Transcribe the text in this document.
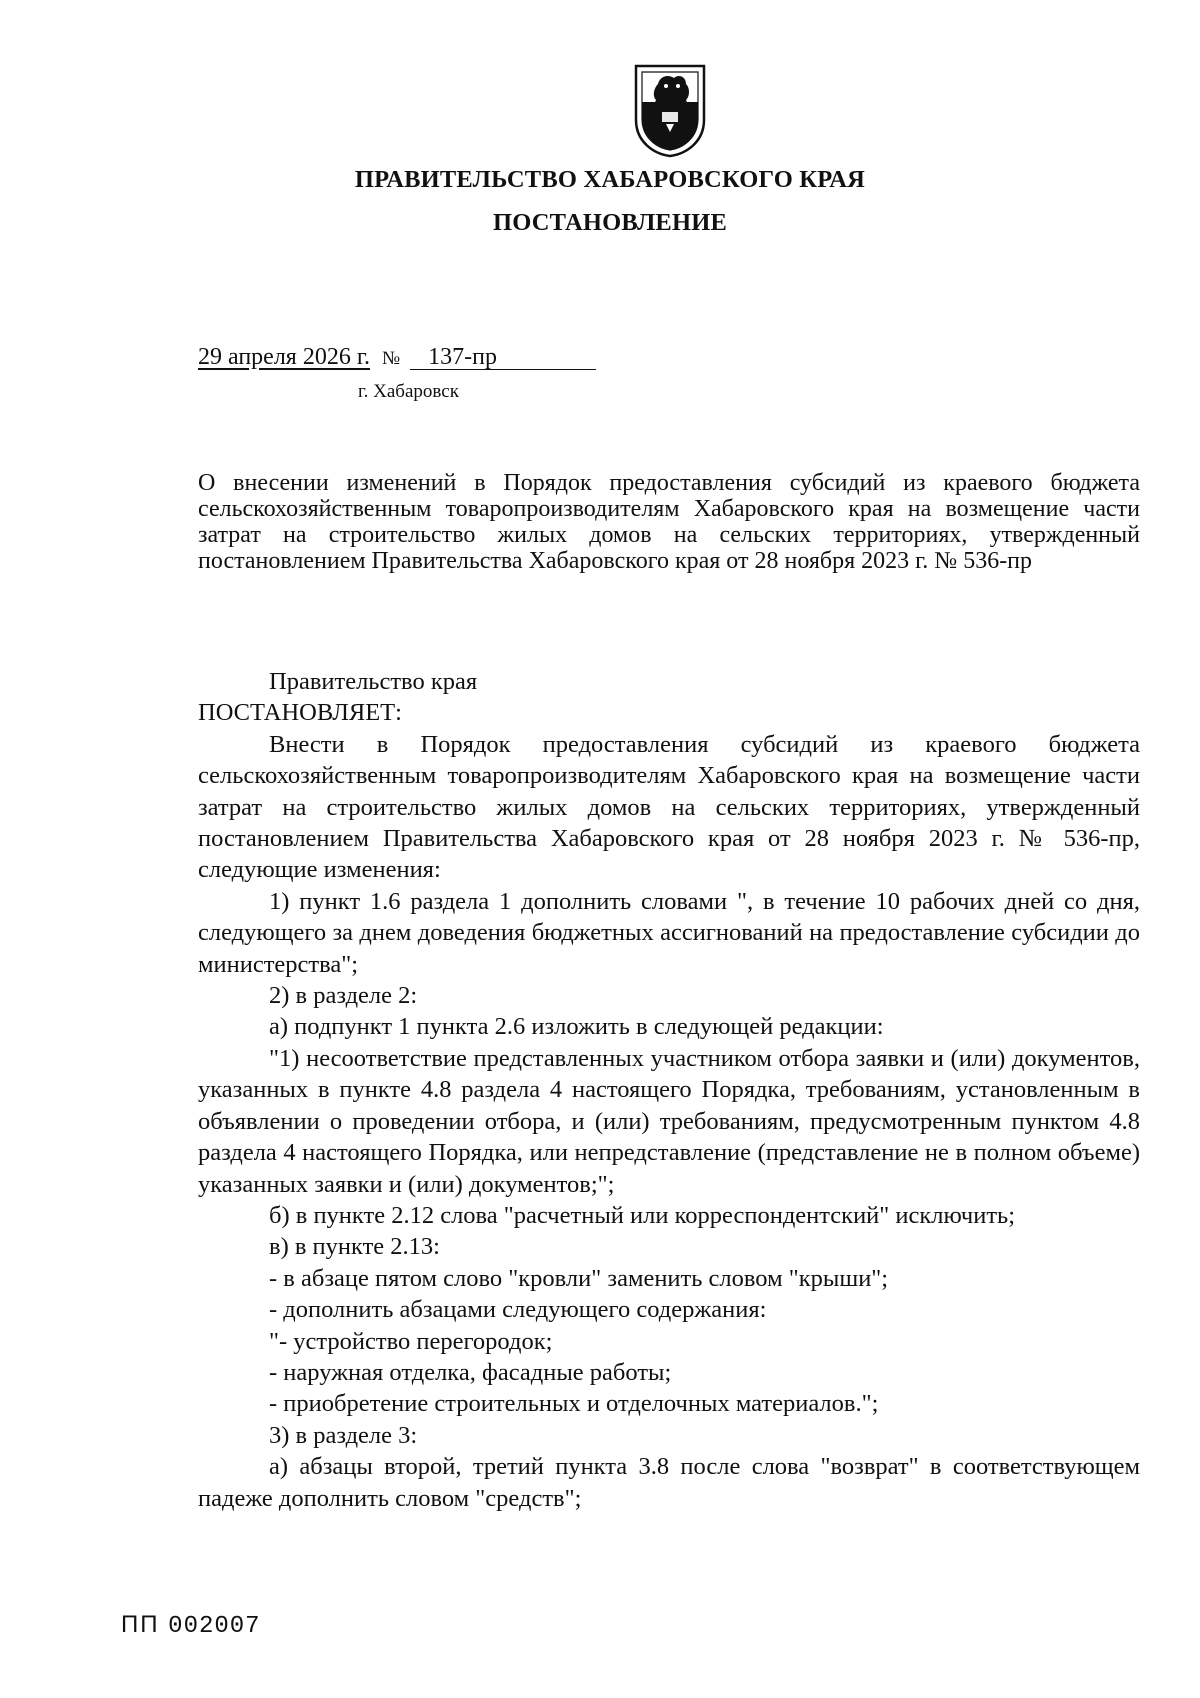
ПРАВИТЕЛЬСТВО ХАБАРОВСКОГО КРАЯ
ПОСТАНОВЛЕНИЕ
29 апреля 2026 г. № 137-пр
г. Хабаровск
О внесении изменений в Порядок предоставления субсидий из краевого бюджета сельскохозяйственным товаропроизводителям Хабаровского края на возмещение части затрат на строительство жилых домов на сельских территориях, утвержденный постановлением Правительства Хабаровского края от 28 ноября 2023 г. № 536-пр

Правительство края

ПОСТАНОВЛЯЕТ:

Внести в Порядок предоставления субсидий из краевого бюджета сельскохозяйственным товаропроизводителям Хабаровского края на возмещение части затрат на строительство жилых домов на сельских территориях, утвержденный постановлением Правительства Хабаровского края от 28 ноября 2023 г. № 536-пр, следующие изменения:

1) пункт 1.6 раздела 1 дополнить словами ", в течение 10 рабочих дней со дня, следующего за днем доведения бюджетных ассигнований на предоставление субсидии до министерства";

2) в разделе 2:

а) подпункт 1 пункта 2.6 изложить в следующей редакции:

"1) несоответствие представленных участником отбора заявки и (или) документов, указанных в пункте 4.8 раздела 4 настоящего Порядка, требованиям, установленным в объявлении о проведении отбора, и (или) требованиям, предусмотренным пунктом 4.8 раздела 4 настоящего Порядка, или непредставление (представление не в полном объеме) указанных заявки и (или) документов;";

б) в пункте 2.12 слова "расчетный или корреспондентский" исключить;

в) в пункте 2.13:

- в абзаце пятом слово "кровли" заменить словом "крыши";

- дополнить абзацами следующего содержания:

"- устройство перегородок;

- наружная отделка, фасадные работы;

- приобретение строительных и отделочных материалов.";

3) в разделе 3:

а) абзацы второй, третий пункта 3.8 после слова "возврат" в соответствующем падеже дополнить словом "средств";

ПП 002007
